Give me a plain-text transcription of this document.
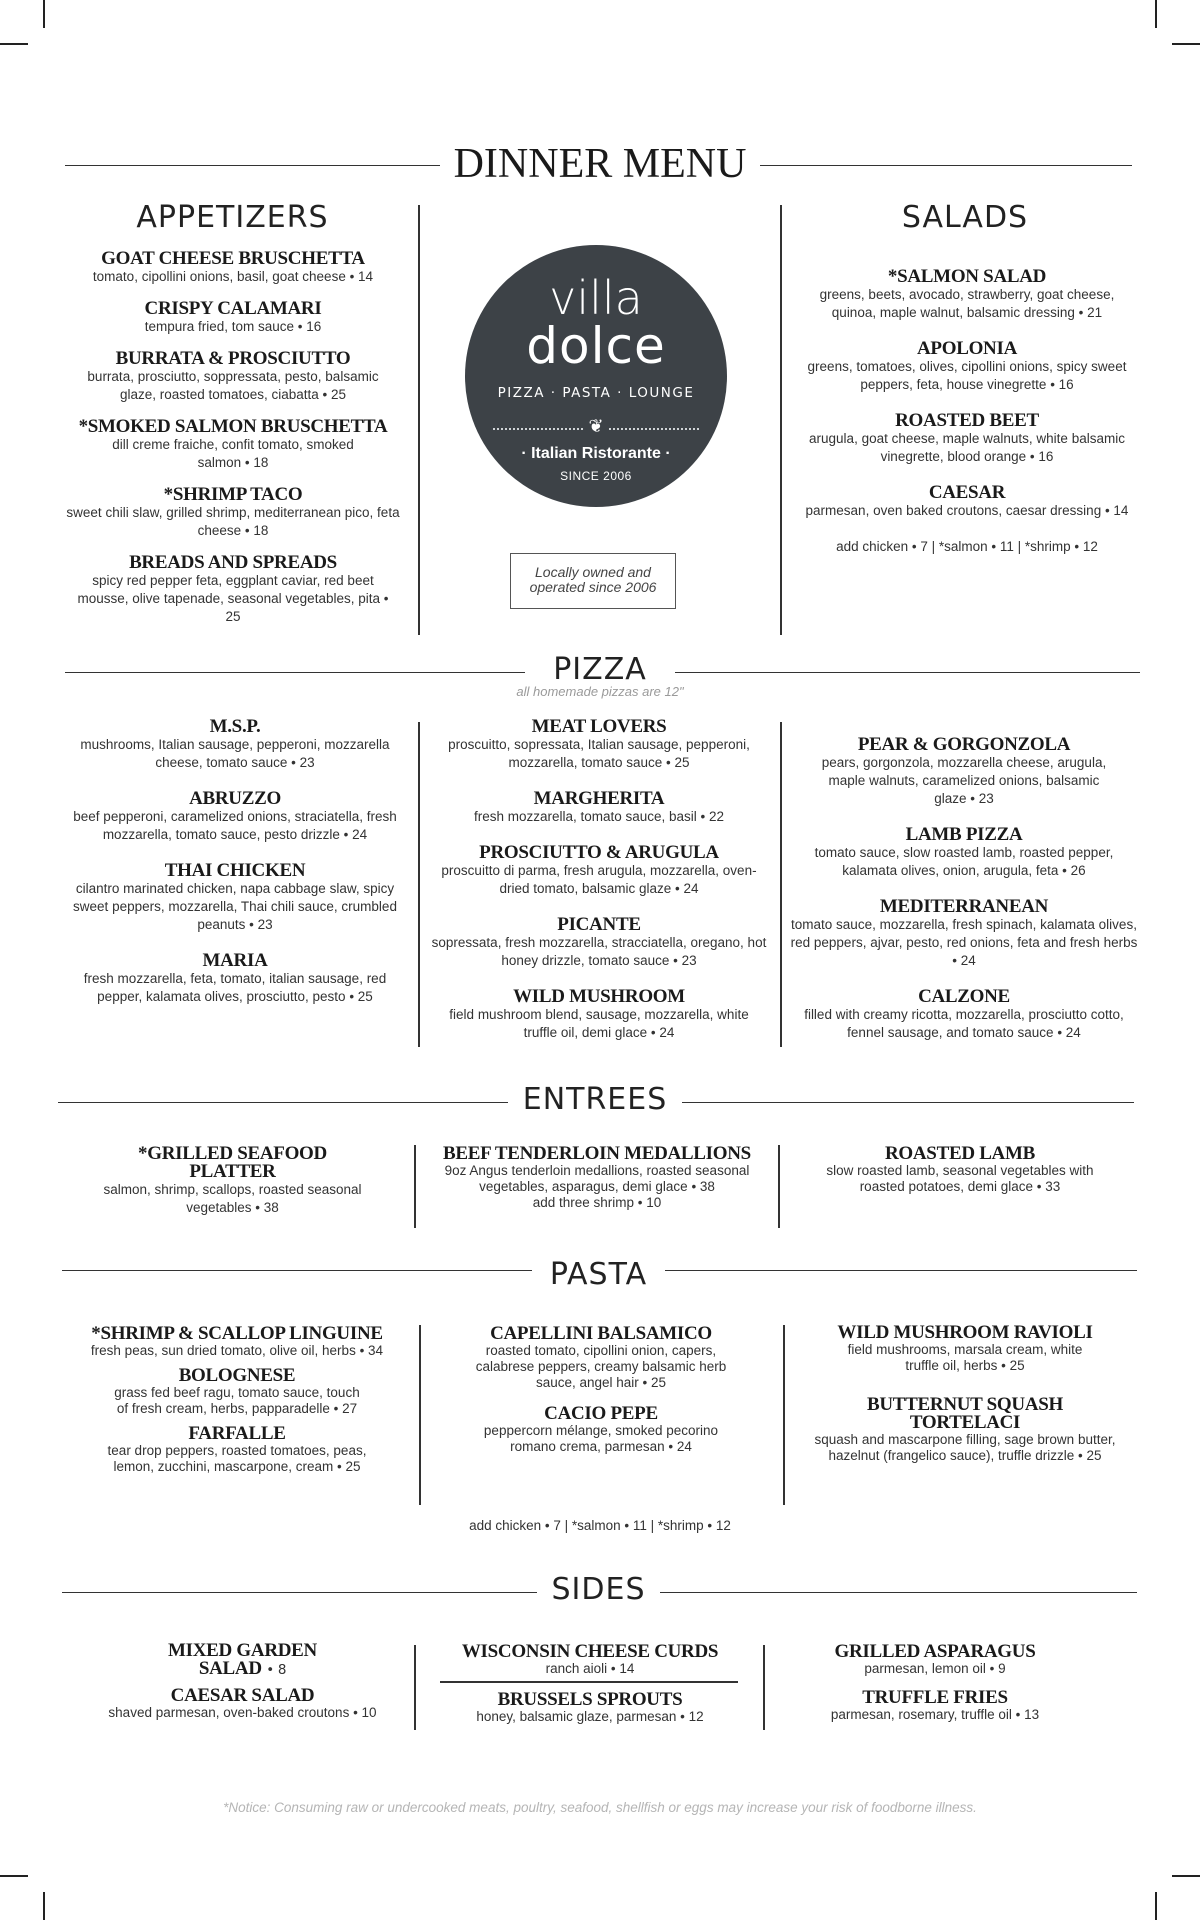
DINNER MENU
APPETIZERS
GOAT CHEESE BRUSCHETTA
tomato, cipollini onions, basil, goat cheese • 14
CRISPY CALAMARI
tempura fried, tom sauce • 16
BURRATA & PROSCIUTTO
burrata, prosciutto, soppressata, pesto, balsamic glaze, roasted tomatoes, ciabatta • 25
*SMOKED SALMON BRUSCHETTA
dill creme fraiche, confit tomato, smoked salmon • 18
*SHRIMP TACO
sweet chili slaw, grilled shrimp, mediterranean pico, feta cheese • 18
BREADS AND SPREADS
spicy red pepper feta, eggplant caviar, red beet mousse, olive tapenade, seasonal vegetables, pita • 25
villa
dolce
PIZZA · PASTA · LOUNGE
❦
· Italian Ristorante ·
SINCE 2006
Locally owned and
operated since 2006
SALADS
*SALMON SALAD
greens, beets, avocado, strawberry, goat cheese, quinoa, maple walnut, balsamic dressing • 21
APOLONIA
greens, tomatoes, olives, cipollini onions, spicy sweet peppers, feta, house vinegrette • 16
ROASTED BEET
arugula, goat cheese, maple walnuts, white balsamic vinegrette, blood orange • 16
CAESAR
parmesan, oven baked croutons, caesar dressing • 14
add chicken • 7 | *salmon • 11 | *shrimp • 12
PIZZA
all homemade pizzas are 12"
M.S.P.
mushrooms, Italian sausage, pepperoni, mozzarella cheese, tomato sauce • 23
ABRUZZO
beef pepperoni, caramelized onions, straciatella, fresh mozzarella, tomato sauce, pesto drizzle • 24
THAI CHICKEN
cilantro marinated chicken, napa cabbage slaw, spicy sweet peppers, mozzarella, Thai chili sauce, crumbled peanuts • 23
MARIA
fresh mozzarella, feta, tomato, italian sausage, red pepper, kalamata olives, prosciutto, pesto • 25
MEAT LOVERS
proscuitto, sopressata, Italian sausage, pepperoni, mozzarella, tomato sauce • 25
MARGHERITA
fresh mozzarella, tomato sauce, basil • 22
PROSCIUTTO & ARUGULA
proscuitto di parma, fresh arugula, mozzarella, oven-dried tomato, balsamic glaze • 24
PICANTE
sopressata, fresh mozzarella, stracciatella, oregano, hot honey drizzle, tomato sauce • 23
WILD MUSHROOM
field mushroom blend, sausage, mozzarella, white truffle oil, demi glace • 24
PEAR & GORGONZOLA
pears, gorgonzola, mozzarella cheese, arugula, maple walnuts, caramelized onions, balsamic glaze • 23
LAMB PIZZA
tomato sauce, slow roasted lamb, roasted pepper, kalamata olives, onion, arugula, feta • 26
MEDITERRANEAN
tomato sauce, mozzarella, fresh spinach, kalamata olives, red peppers, ajvar, pesto, red onions, feta and fresh herbs • 24
CALZONE
filled with creamy ricotta, mozzarella, prosciutto cotto, fennel sausage, and tomato sauce • 24
ENTREES
*GRILLED SEAFOOD PLATTER
salmon, shrimp, scallops, roasted seasonal vegetables • 38
BEEF TENDERLOIN MEDALLIONS
9oz Angus tenderloin medallions, roasted seasonal vegetables, asparagus, demi glace • 38
add three shrimp • 10
ROASTED LAMB
slow roasted lamb, seasonal vegetables with roasted potatoes, demi glace • 33
PASTA
*SHRIMP & SCALLOP LINGUINE
fresh peas, sun dried tomato, olive oil, herbs • 34
BOLOGNESE
grass fed beef ragu, tomato sauce, touch of fresh cream, herbs, papparadelle • 27
FARFALLE
tear drop peppers, roasted tomatoes, peas, lemon, zucchini, mascarpone, cream • 25
CAPELLINI BALSAMICO
roasted tomato, cipollini onion, capers, calabrese peppers, creamy balsamic herb sauce, angel hair • 25
CACIO PEPE
peppercorn mélange, smoked pecorino romano crema, parmesan • 24
WILD MUSHROOM RAVIOLI
field mushrooms, marsala cream, white truffle oil, herbs • 25
BUTTERNUT SQUASH TORTELACI
squash and mascarpone filling, sage brown butter, hazelnut (frangelico sauce), truffle drizzle • 25
add chicken • 7 | *salmon • 11 | *shrimp • 12
SIDES
MIXED GARDEN SALAD • 8
CAESAR SALAD
shaved parmesan, oven-baked croutons • 10
WISCONSIN CHEESE CURDS
ranch aioli • 14
BRUSSELS SPROUTS
honey, balsamic glaze, parmesan • 12
GRILLED ASPARAGUS
parmesan, lemon oil • 9
TRUFFLE FRIES
parmesan, rosemary, truffle oil • 13
*Notice: Consuming raw or undercooked meats, poultry, seafood, shellfish or eggs may increase your risk of foodborne illness.
